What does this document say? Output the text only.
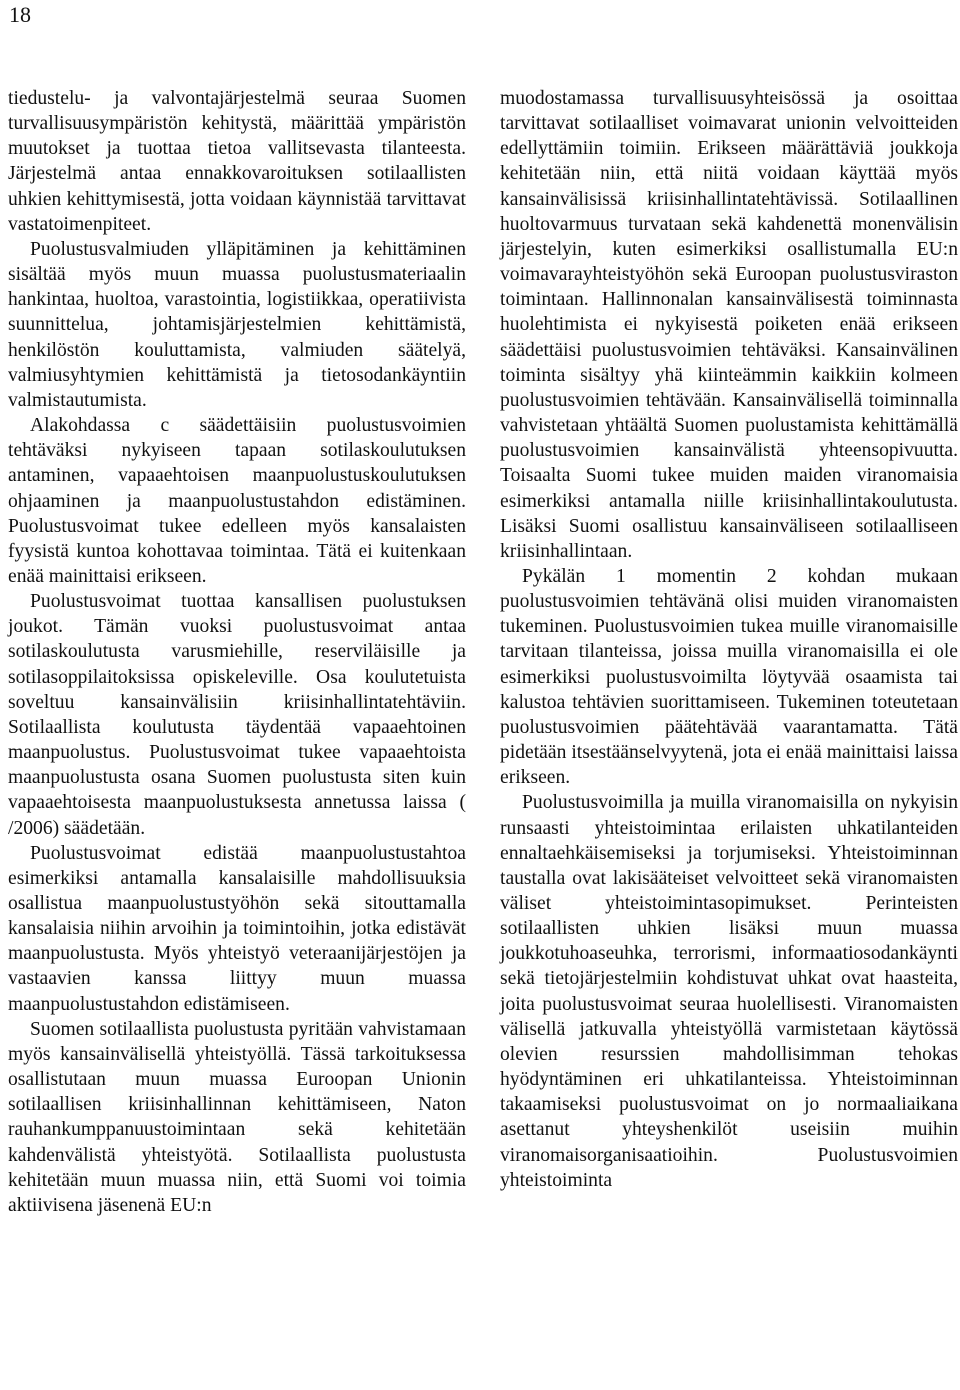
18

tiedustelu- ja valvontajärjestelmä seuraa Suomen turvallisuusympäristön kehitystä, määrittää ympäristön muutokset ja tuottaa tietoa vallitsevasta tilanteesta. Järjestelmä antaa ennakkovaroituksen sotilaallisten uhkien kehittymisestä, jotta voidaan käynnistää tarvittavat vastatoimenpiteet.

Puolustusvalmiuden ylläpitäminen ja kehittäminen sisältää myös muun muassa puolustusmateriaalin hankintaa, huoltoa, varastointia, logistiikkaa, operatiivista suunnittelua, johtamisjärjestelmien kehittämistä, henkilöstön kouluttamista, valmiuden säätelyä, valmiusyhtymien kehittämistä ja tietosodankäyntiin valmistautumista.

Alakohdassa c säädettäisiin puolustusvoimien tehtäväksi nykyiseen tapaan sotilaskoulutuksen antaminen, vapaaehtoisen maanpuolustuskoulutuksen ohjaaminen ja maanpuolustustahdon edistäminen. Puolustusvoimat tukee edelleen myös kansalaisten fyysistä kuntoa kohottavaa toimintaa. Tätä ei kuitenkaan enää mainittaisi erikseen.

Puolustusvoimat tuottaa kansallisen puolustuksen joukot. Tämän vuoksi puolustusvoimat antaa sotilaskoulutusta varusmiehille, reserviläisille ja sotilasoppilaitoksissa opiskeleville. Osa koulutetuista soveltuu kansainvälisiin kriisinhallintatehtäviin. Sotilaallista koulutusta täydentää vapaaehtoinen maanpuolustus. Puolustusvoimat tukee vapaaehtoista maanpuolustusta osana Suomen puolustusta siten kuin vapaaehtoisesta maanpuolustuksesta annetussa laissa ( /2006) säädetään.

Puolustusvoimat edistää maanpuolustustahtoa esimerkiksi antamalla kansalaisille mahdollisuuksia osallistua maanpuolustustyöhön sekä sitouttamalla kansalaisia niihin arvoihin ja toimintoihin, jotka edistävät maanpuolustusta. Myös yhteistyö veteraanijärjestöjen ja vastaavien kanssa liittyy muun muassa maanpuolustustahdon edistämiseen.

Suomen sotilaallista puolustusta pyritään vahvistamaan myös kansainvälisellä yhteistyöllä. Tässä tarkoituksessa osallistutaan muun muassa Euroopan Unionin sotilaallisen kriisinhallinnan kehittämiseen, Naton rauhankumppanuustoimintaan sekä kehitetään kahdenvälistä yhteistyötä. Sotilaallista puolustusta kehitetään muun muassa niin, että Suomi voi toimia aktiivisena jäsenenä EU:n

muodostamassa turvallisuusyhteisössä ja osoittaa tarvittavat sotilaalliset voimavarat unionin velvoitteiden edellyttämiin toimiin. Erikseen määrättäviä joukkoja kehitetään niin, että niitä voidaan käyttää myös kansainvälisissä kriisinhallintatehtävissä. Sotilaallinen huoltovarmuus turvataan sekä kahdenettä monenvälisin järjestelyin, kuten esimerkiksi osallistumalla EU:n voimavarayhteistyöhön sekä Euroopan puolustusviraston toimintaan. Hallinnonalan kansainvälisestä toiminnasta huolehtimista ei nykyisestä poiketen enää erikseen säädettäisi puolustusvoimien tehtäväksi. Kansainvälinen toiminta sisältyy yhä kiinteämmin kaikkiin kolmeen puolustusvoimien tehtävään. Kansainvälisellä toiminnalla vahvistetaan yhtäältä Suomen puolustamista kehittämällä puolustusvoimien kansainvälistä yhteensopivuutta. Toisaalta Suomi tukee muiden maiden viranomaisia esimerkiksi antamalla niille kriisinhallintakoulutusta. Lisäksi Suomi osallistuu kansainväliseen sotilaalliseen kriisinhallintaan.

Pykälän 1 momentin 2 kohdan mukaan puolustusvoimien tehtävänä olisi muiden viranomaisten tukeminen. Puolustusvoimien tukea muille viranomaisille tarvitaan tilanteissa, joissa muilla viranomaisilla ei ole esimerkiksi puolustusvoimilta löytyvää osaamista tai kalustoa tehtävien suorittamiseen. Tukeminen toteutetaan puolustusvoimien päätehtävää vaarantamatta. Tätä pidetään itsestäänselvyytenä, jota ei enää mainittaisi laissa erikseen.

Puolustusvoimilla ja muilla viranomaisilla on nykyisin runsaasti yhteistoimintaa erilaisten uhkatilanteiden ennaltaehkäisemiseksi ja torjumiseksi. Yhteistoiminnan taustalla ovat lakisääteiset velvoitteet sekä viranomaisten väliset yhteistoimintasopimukset. Perinteisten sotilaallisten uhkien lisäksi muun muassa joukkotuhoaseuhka, terrorismi, informaatiosodankäynti sekä tietojärjestelmiin kohdistuvat uhkat ovat haasteita, joita puolustusvoimat seuraa huolellisesti. Viranomaisten välisellä jatkuvalla yhteistyöllä varmistetaan käytössä olevien resurssien mahdollisimman tehokas hyödyntäminen eri uhkatilanteissa. Yhteistoiminnan takaamiseksi puolustusvoimat on jo normaaliaikana asettanut yhteyshenkilöt useisiin muihin viranomaisorganisaatioihin. Puolustusvoimien yhteistoiminta
